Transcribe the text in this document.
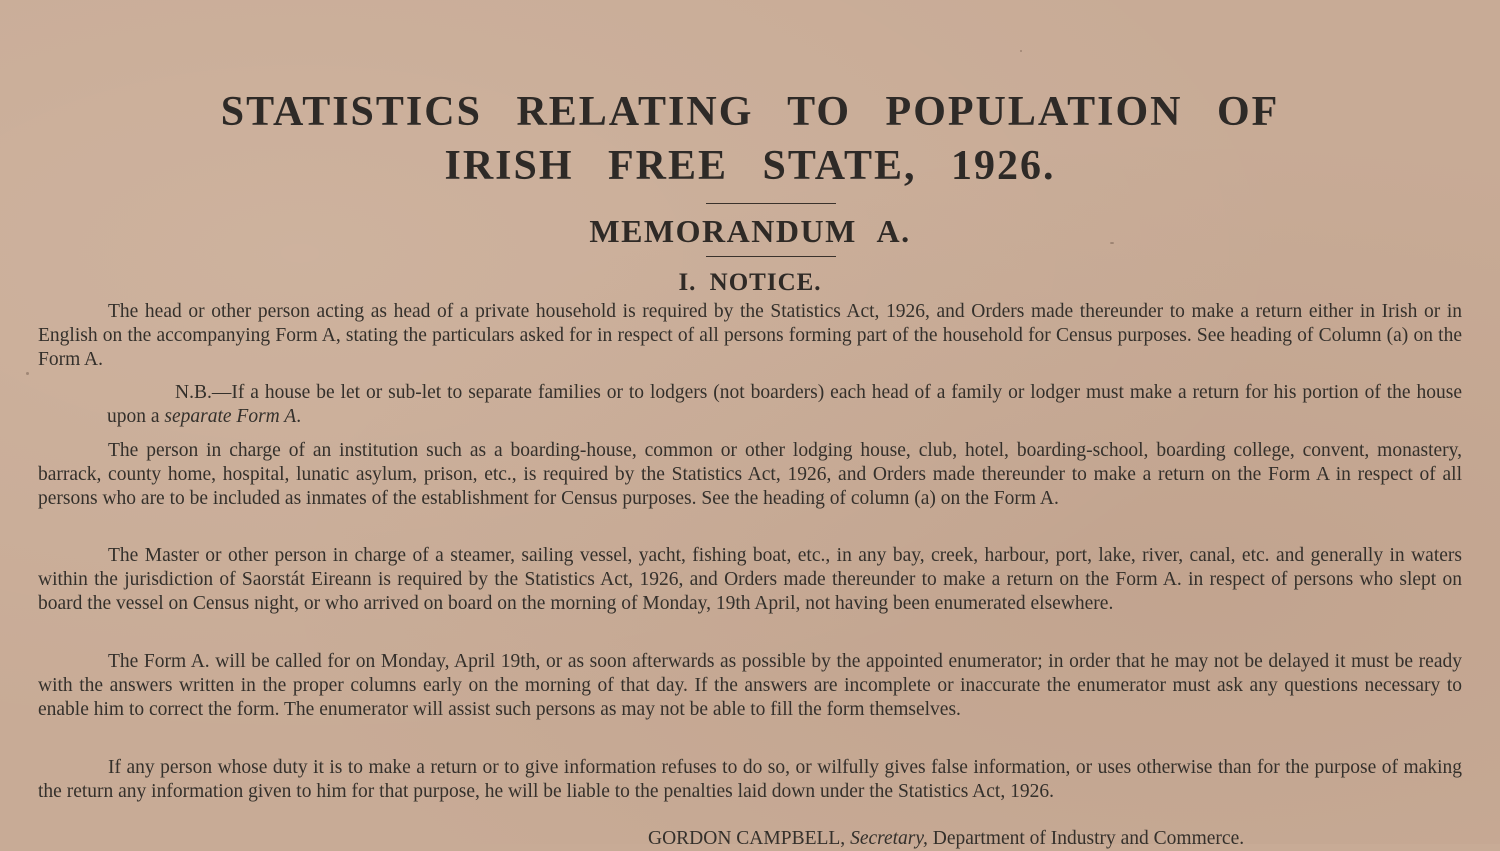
STATISTICS RELATING TO POPULATION OF
IRISH FREE STATE, 1926.
MEMORANDUM A.
I. NOTICE.

The head or other person acting as head of a private household is required by the Statistics Act, 1926, and Orders made thereunder to make a return either in Irish or in English on the accompanying Form A, stating the particulars asked for in respect of all persons forming part of the household for Census purposes. See heading of Column (a) on the Form A.

N.B.—If a house be let or sub-let to separate families or to lodgers (not boarders) each head of a family or lodger must make a return for his portion of the house upon a separate Form A.

The person in charge of an institution such as a boarding-house, common or other lodging house, club, hotel, boarding-school, boarding college, convent, monastery, barrack, county home, hospital, lunatic asylum, prison, etc., is required by the Statistics Act, 1926, and Orders made thereunder to make a return on the Form A in respect of all persons who are to be included as inmates of the establishment for Census purposes. See the heading of column (a) on the Form A.

The Master or other person in charge of a steamer, sailing vessel, yacht, fishing boat, etc., in any bay, creek, harbour, port, lake, river, canal, etc. and generally in waters within the jurisdiction of Saorstát Eireann is required by the Statistics Act, 1926, and Orders made thereunder to make a return on the Form A. in respect of persons who slept on board the vessel on Census night, or who arrived on board on the morning of Monday, 19th April, not having been enumerated elsewhere.

The Form A. will be called for on Monday, April 19th, or as soon afterwards as possible by the appointed enumerator; in order that he may not be delayed it must be ready with the answers written in the proper columns early on the morning of that day. If the answers are incomplete or inaccurate the enumerator must ask any questions necessary to enable him to correct the form. The enumerator will assist such persons as may not be able to fill the form themselves.

If any person whose duty it is to make a return or to give information refuses to do so, or wilfully gives false information, or uses otherwise than for the purpose of making the return any information given to him for that purpose, he will be liable to the penalties laid down under the Statistics Act, 1926.

GORDON CAMPBELL, Secretary, Department of Industry and Commerce.
